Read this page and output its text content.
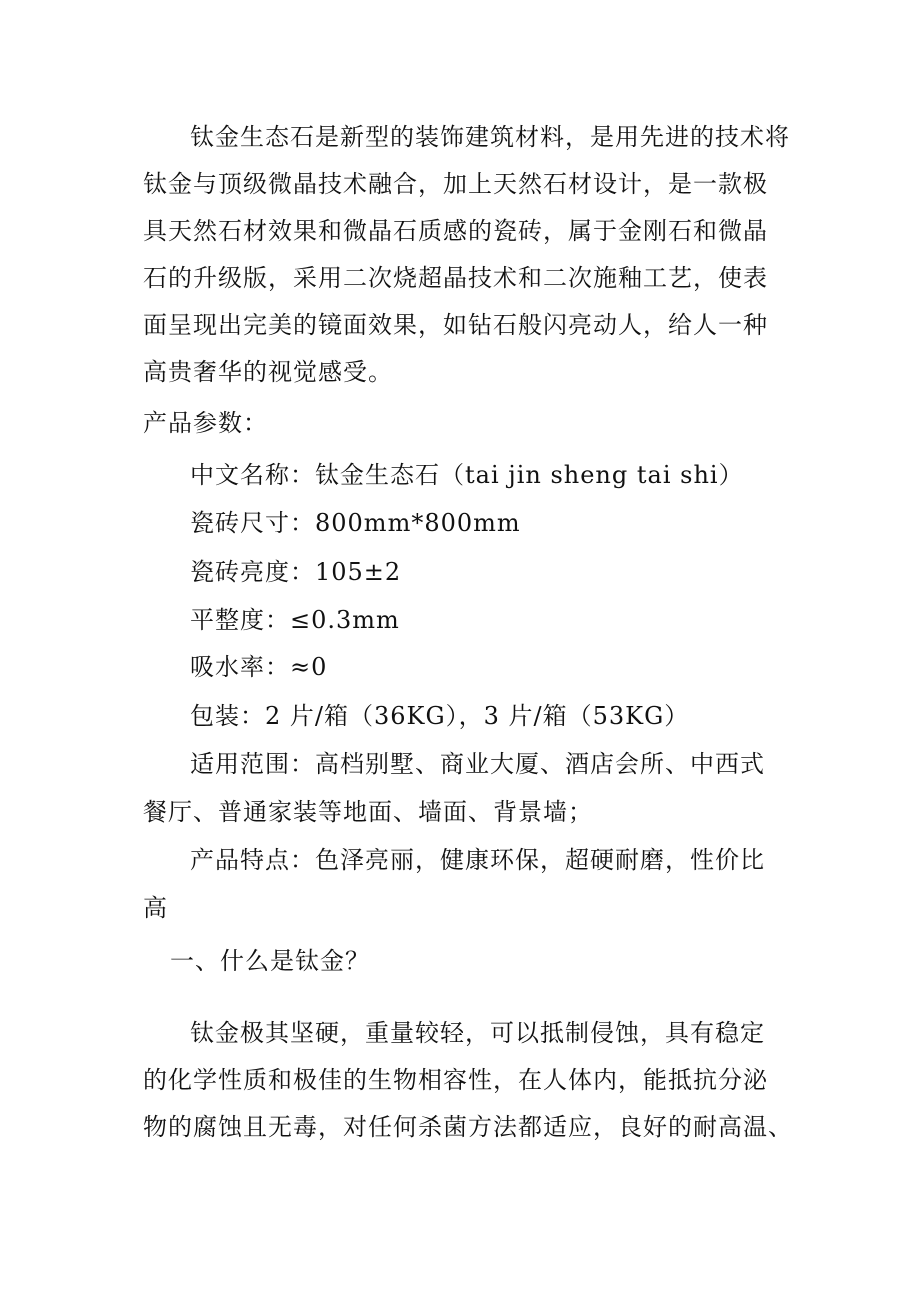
钛金生态石是新型的装饰建筑材料，是用先进的技术将
钛金与顶级微晶技术融合，加上天然石材设计，是一款极
具天然石材效果和微晶石质感的瓷砖，属于金刚石和微晶
石的升级版，采用二次烧超晶技术和二次施釉工艺，使表
面呈现出完美的镜面效果，如钻石般闪亮动人，给人一种
高贵奢华的视觉感受。
产品参数：
中文名称：钛金生态石（tai jin sheng tai shi）
瓷砖尺寸：800mm*800mm
瓷砖亮度：105±2
平整度：≤0.3mm
吸水率：≈0
包装：2 片/箱（36KG），3 片/箱（53KG）
适用范围：高档别墅、商业大厦、酒店会所、中西式
餐厅、普通家装等地面、墙面、背景墙；
产品特点：色泽亮丽，健康环保，超硬耐磨，性价比
高
一、什么是钛金？
钛金极其坚硬，重量较轻，可以抵制侵蚀，具有稳定
的化学性质和极佳的生物相容性，在人体内，能抵抗分泌
物的腐蚀且无毒，对任何杀菌方法都适应，良好的耐高温、
